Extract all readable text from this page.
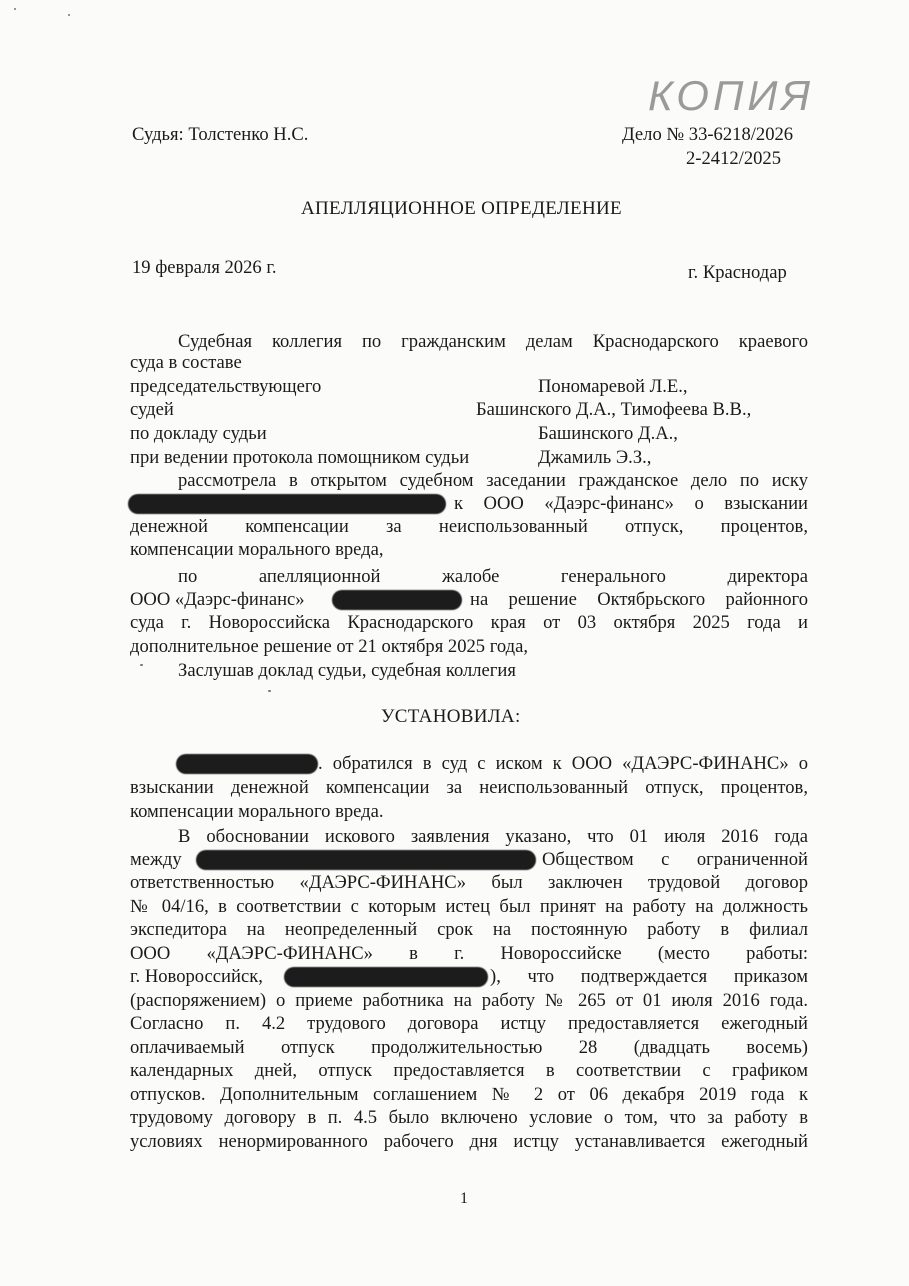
КОПИЯ
Судья: Толстенко Н.С.	Дело № 33-6218/2026
2-2412/2025
АПЕЛЛЯЦИОННОЕ ОПРЕДЕЛЕНИЕ
19 февраля 2026 г.	г. Краснодар
Судебная коллегия по гражданским делам Краснодарского краевого
суда в составе
председательствующего	Пономаревой Л.Е.,
судей	Башинского Д.А., Тимофеева В.В.,
по докладу судьи	Башинского Д.А.,
при ведении протокола помощником судьи	Джамиль Э.З.,
рассмотрела в открытом судебном заседании гражданское дело по иску
к ООО «Даэрс-финанс» о взыскании
денежной компенсации за неиспользованный отпуск, процентов,
компенсации морального вреда,
по апелляционной жалобе генерального директора
ООО «Даэрс-финанс»	на решение Октябрьского районного
суда г. Новороссийска Краснодарского края от 03 октября 2025 года и
дополнительное решение от 21 октября 2025 года,
Заслушав доклад судьи, судебная коллегия
УСТАНОВИЛА:
. обратился в суд с иском к ООО «ДАЭРС-ФИНАНС» о
взыскании денежной компенсации за неиспользованный отпуск, процентов,
компенсации морального вреда.
В обосновании искового заявления указано, что 01 июля 2016 года
между	Обществом с ограниченной
ответственностью «ДАЭРС-ФИНАНС» был заключен трудовой договор
№ 04/16, в соответствии с которым истец был принят на работу на должность
экспедитора на неопределенный срок на постоянную работу в филиал
ООО «ДАЭРС-ФИНАНС» в г. Новороссийске (место работы:
г. Новороссийск,	), что подтверждается приказом
(распоряжением) о приеме работника на работу № 265 от 01 июля 2016 года.
Согласно п. 4.2 трудового договора истцу предоставляется ежегодный
оплачиваемый отпуск продолжительностью 28 (двадцать восемь)
календарных дней, отпуск предоставляется в соответствии с графиком
отпусков. Дополнительным соглашением № 2 от 06 декабря 2019 года к
трудовому договору в п. 4.5 было включено условие о том, что за работу в
условиях ненормированного рабочего дня истцу устанавливается ежегодный
1
